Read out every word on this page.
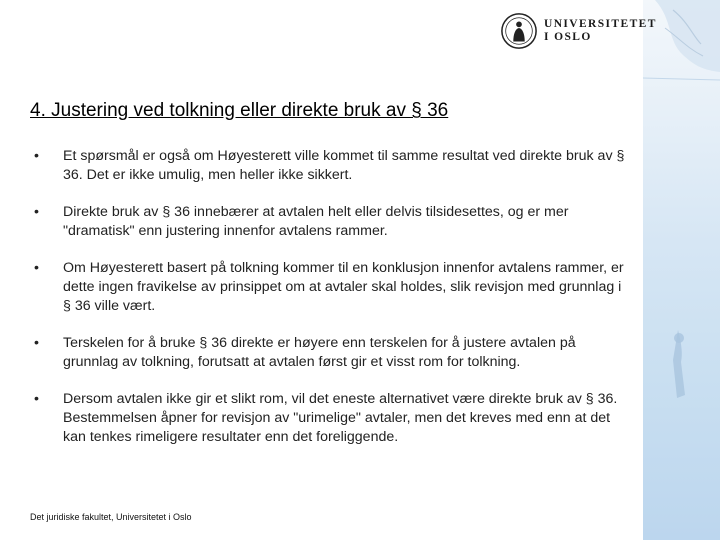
UNIVERSITETET
I OSLO
4. Justering ved tolkning eller direkte bruk av § 36
• Et spørsmål er også om Høyesterett ville kommet til samme resultat ved direkte bruk av § 36. Det er ikke umulig, men heller ikke sikkert.
• Direkte bruk av § 36 innebærer at avtalen helt eller delvis tilsidesettes, og er mer "dramatisk" enn justering innenfor avtalens rammer.
• Om Høyesterett basert på tolkning kommer til en konklusjon innenfor avtalens rammer, er dette ingen fravikelse av prinsippet om at avtaler skal holdes, slik revisjon med grunnlag i § 36 ville vært.
• Terskelen for å bruke § 36 direkte er høyere enn terskelen for å justere avtalen på grunnlag av tolkning, forutsatt at avtalen først gir et visst rom for tolkning.
• Dersom avtalen ikke gir et slikt rom, vil det eneste alternativet være direkte bruk av § 36. Bestemmelsen åpner for revisjon av "urimelige" avtaler, men det kreves med enn at det kan tenkes rimeligere resultater enn det foreliggende.
Det juridiske fakultet, Universitetet i Oslo
